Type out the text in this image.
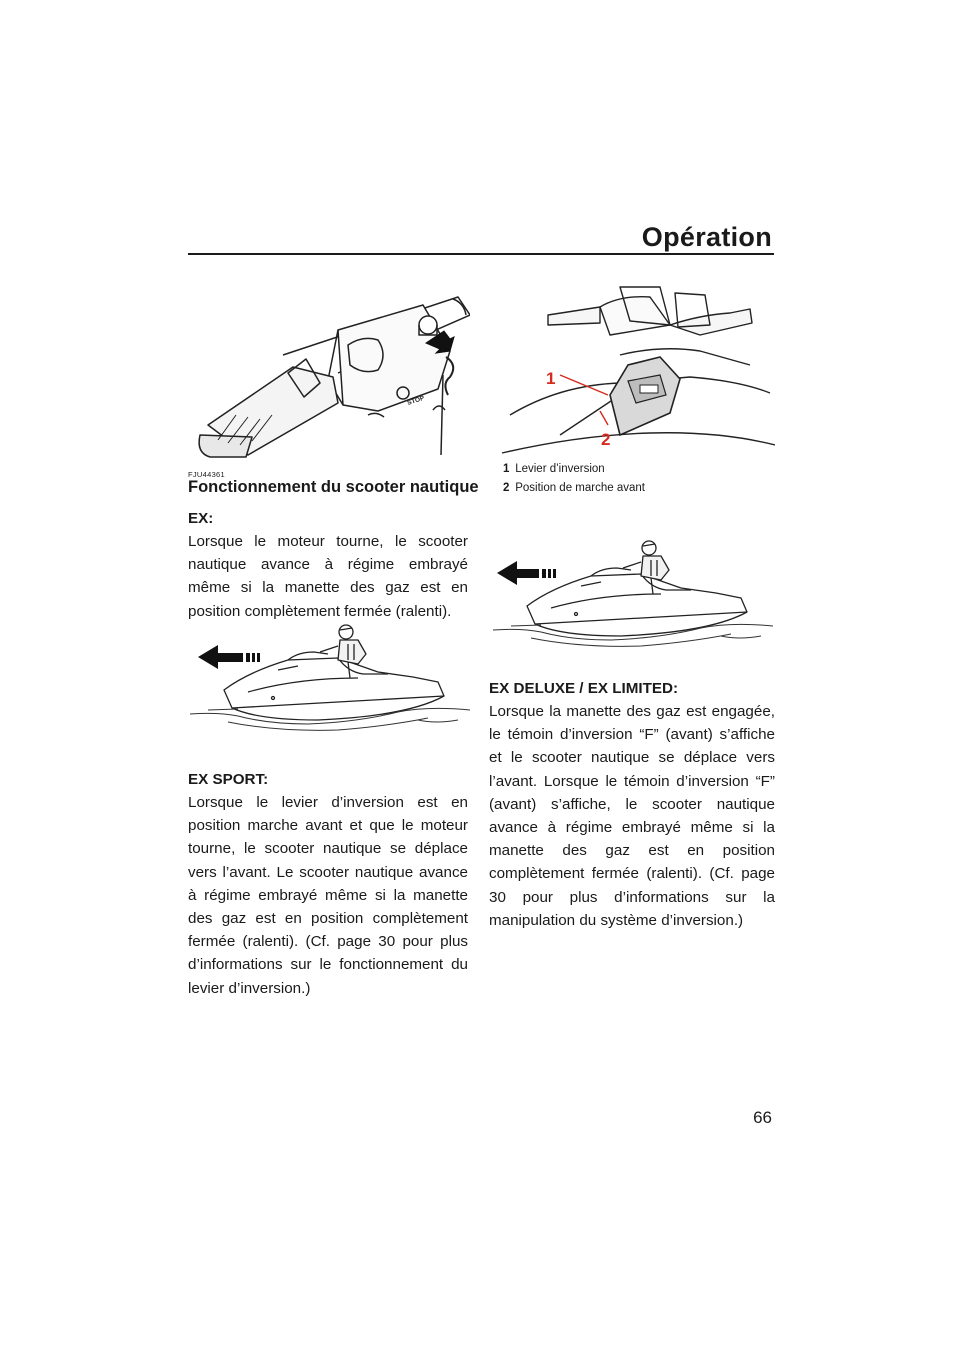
Opération
STOP
FJU44361
Fonctionnement du scooter nautique

EX:

Lorsque le moteur tourne, le scooter nautique avance à régime embrayé même si la manette des gaz est en position complètement fermée (ralenti).

EX SPORT:

Lorsque le levier d’inversion est en position marche avant et que le moteur tourne, le scooter nautique se déplace vers l’avant. Le scooter nautique avance à régime embrayé même si la manette des gaz est en position complètement fermée (ralenti). (Cf. page 30 pour plus d’informations sur le fonctionnement du levier d’inversion.)

1
2
1 Levier d’inversion
2 Position de marche avant

EX DELUXE / EX LIMITED:

Lorsque la manette des gaz est engagée, le témoin d’inversion “F” (avant) s’affiche et le scooter nautique se déplace vers l’avant. Lorsque le témoin d’inversion “F” (avant) s’affiche, le scooter nautique avance à régime embrayé même si la manette des gaz est en position complètement fermée (ralenti). (Cf. page 30 pour plus d’informations sur la manipulation du système d’inversion.)

66
